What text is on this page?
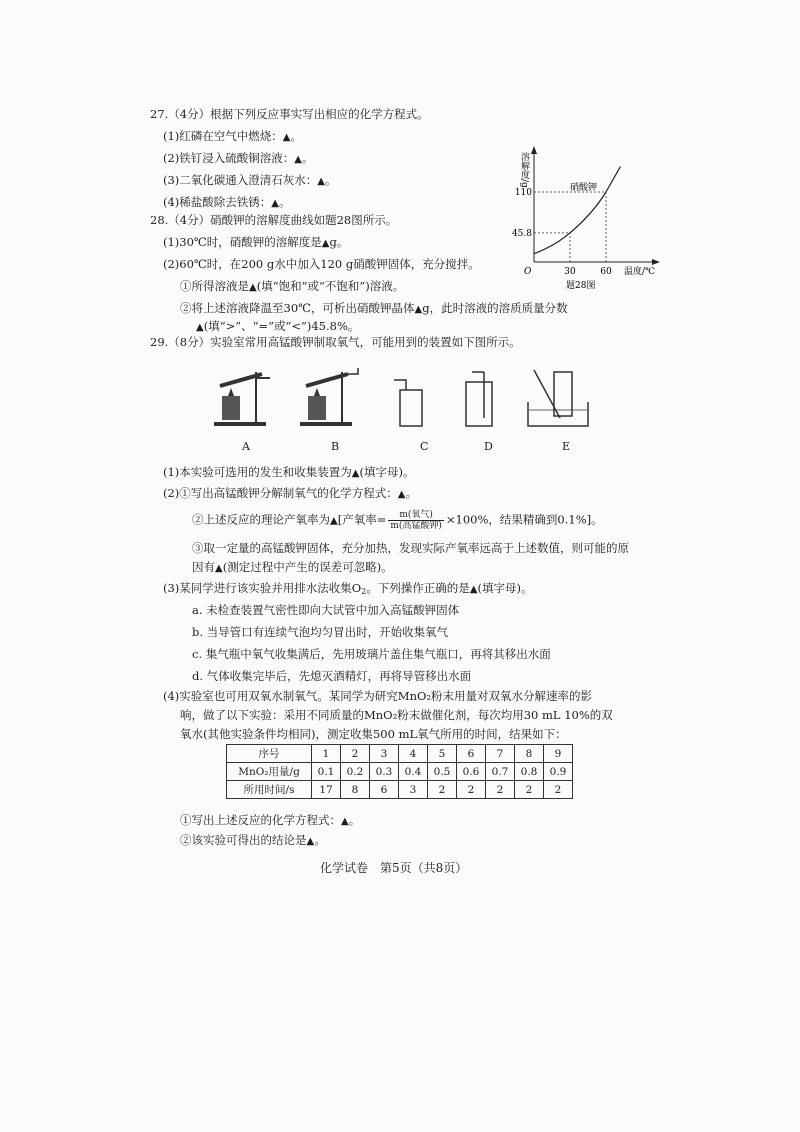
27.（4分）根据下列反应事实写出相应的化学方程式。
(1)红磷在空气中燃烧：▲。
(2)铁钉浸入硫酸铜溶液：▲。
(3)二氧化碳通入澄清石灰水：▲。
(4)稀盐酸除去铁锈：▲。
28.（4分）硝酸钾的溶解度曲线如题28图所示。
(1)30℃时，硝酸钾的溶解度是▲g。
(2)60℃时，在200 g水中加入120 g硝酸钾固体，充分搅拌。
①所得溶液是▲(填“饱和”或“不饱和”)溶液。
②将上述溶液降温至30℃，可析出硝酸钾晶体▲g，此时溶液的溶质质量分数
▲(填“>”、“=”或“<”)45.8%。
溶解度/g
110
45.8
30	60 温度/℃
O
硝酸钾
题28图
29.（8分）实验室常用高锰酸钾制取氧气，可能用到的装置如下图所示。
A	B	C	D	E
(1)本实验可选用的发生和收集装置为▲(填字母)。
(2)①写出高锰酸钾分解制氧气的化学方程式：▲。
②上述反应的理论产氧率为▲[产氧率= $\frac{\text{m(氧气)}}{\text{m(高锰酸钾)}} \times 100\%$，结果精确到0.1%]。
③取一定量的高锰酸钾固体，充分加热，发现实际产氧率远高于上述数值，则可能的原
因有▲(测定过程中产生的误差可忽略)。
(3)某同学进行该实验并用排水法收集$O_2$。下列操作正确的是▲(填字母)。
a. 未检查装置气密性即向大试管中加入高锰酸钾固体
b. 当导管口有连续气泡均匀冒出时，开始收集氧气
c. 集气瓶中氧气收集满后，先用玻璃片盖住集气瓶口，再将其移出水面
d. 气体收集完毕后，先熄灭酒精灯，再将导管移出水面
(4)实验室也可用双氧水制氧气。某同学为研究MnO₂粉末用量对双氧水分解速率的影
响，做了以下实验：采用不同质量的MnO₂粉末做催化剂，每次均用30 mL 10%的双
氧水(其他实验条件均相同)，测定收集500 mL氧气所用的时间，结果如下：
序号	1	2	3	4	5	6	7	8	9
MnO₂用量/g	0.1	0.2	0.3	0.4	0.5	0.6	0.7	0.8	0.9
所用时间/s	17	8	6	3	2	2	2	2	2
①写出上述反应的化学方程式：▲。
②该实验可得出的结论是▲。
化学试卷　第5页（共8页）
